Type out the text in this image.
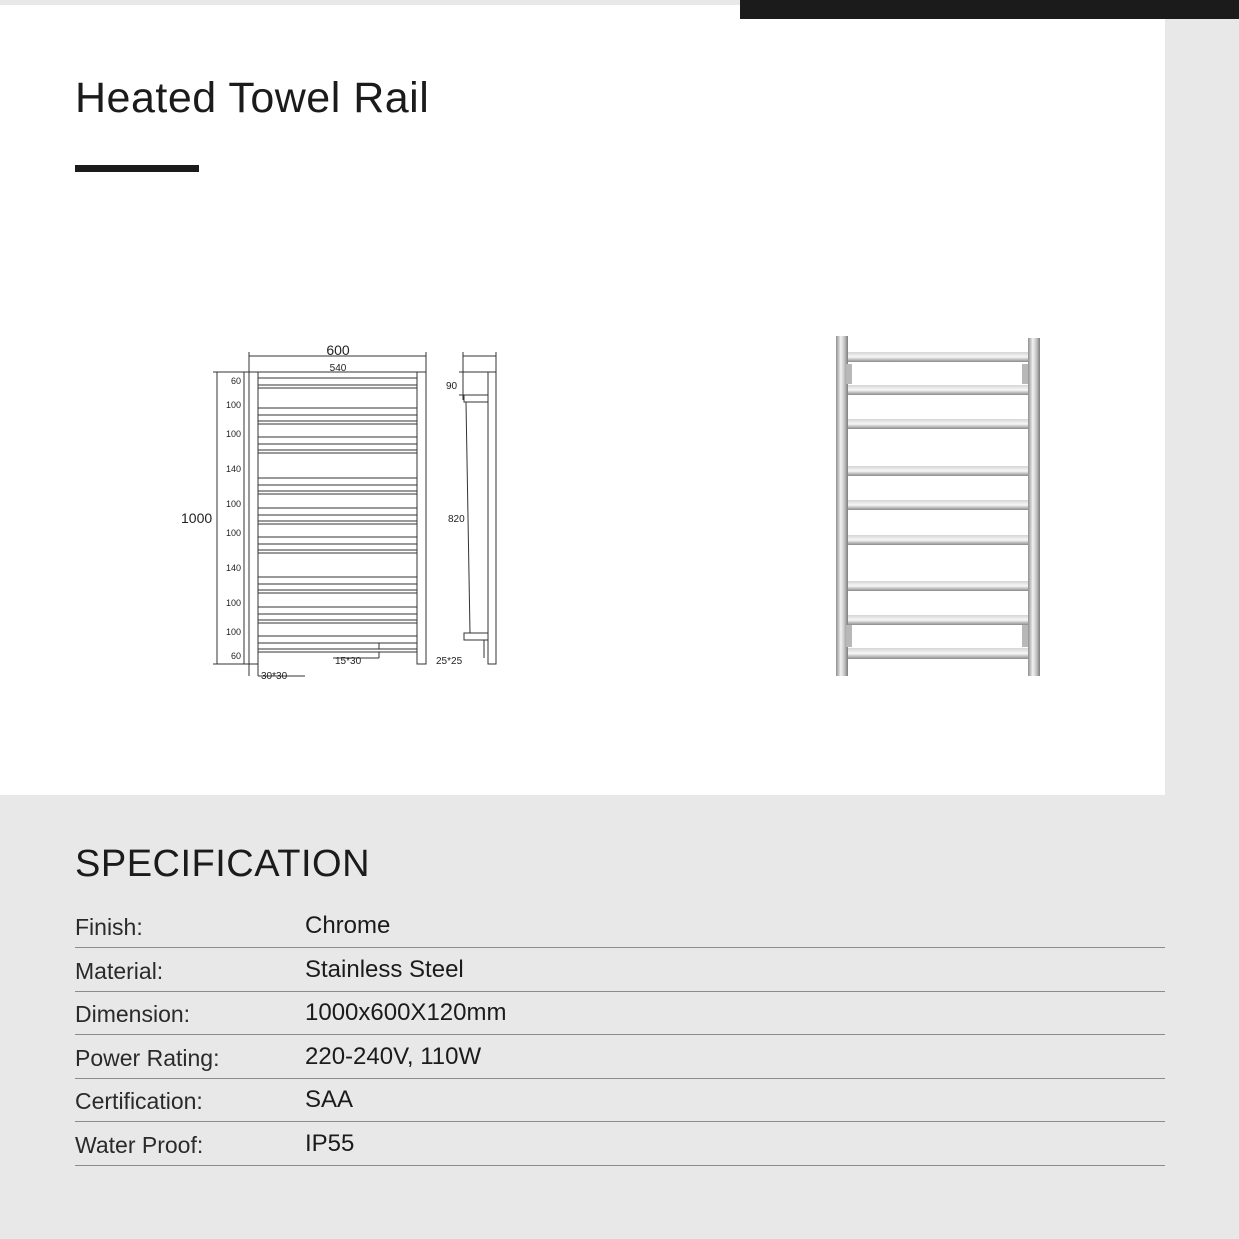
Heated Towel Rail
600
540
1000
90
820
60
100
100
140
100
100
140
100
100
60
30*30
15*30	25*25
SPECIFICATION
Finish:	Chrome
Material:	Stainless Steel
Dimension:	1000x600X120mm
Power Rating:	220-240V, 110W
Certification:	SAA
Water Proof:	IP55
